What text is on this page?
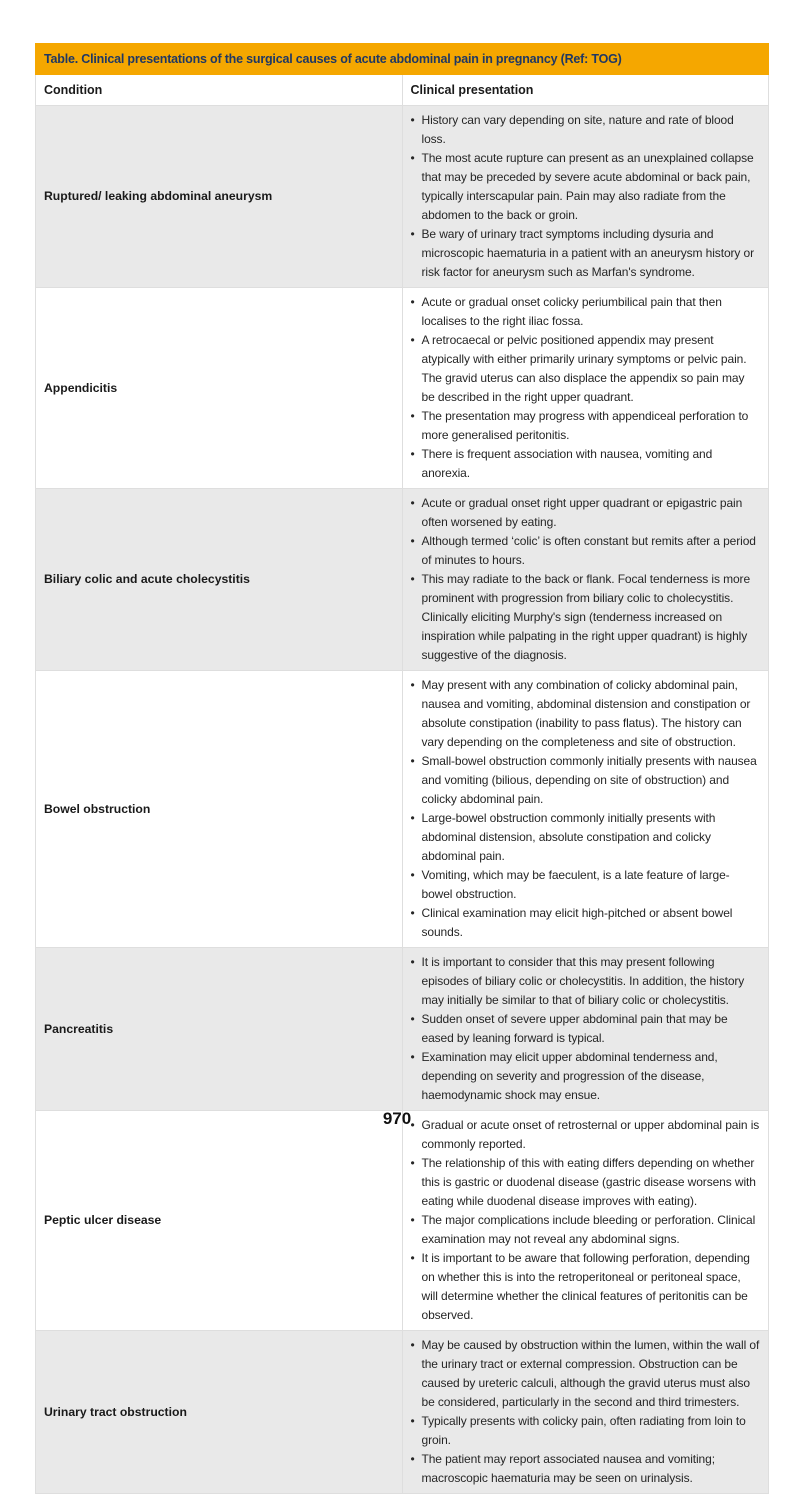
Table. Clinical presentations of the surgical causes of acute abdominal pain in pregnancy (Ref: TOG)	
Condition	Clinical presentation
Ruptured/ leaking abdominal aneurysm	
• History can vary depending on site, nature and rate of blood loss.
• The most acute rupture can present as an unexplained collapse that may be preceded by severe acute abdominal or back pain, typically interscapular pain. Pain may also radiate from the abdomen to the back or groin.
• Be wary of urinary tract symptoms including dysuria and microscopic haematuria in a patient with an aneurysm history or risk factor for aneurysm such as Marfan's syndrome.

Appendicitis	
• Acute or gradual onset colicky periumbilical pain that then localises to the right iliac fossa.
• A retrocaecal or pelvic positioned appendix may present atypically with either primarily urinary symptoms or pelvic pain. The gravid uterus can also displace the appendix so pain may be described in the right upper quadrant.
• The presentation may progress with appendiceal perforation to more generalised peritonitis.
• There is frequent association with nausea, vomiting and anorexia.

Biliary colic and acute cholecystitis	
• Acute or gradual onset right upper quadrant or epigastric pain often worsened by eating.
• Although termed ‘colic’ is often constant but remits after a period of minutes to hours.
• This may radiate to the back or flank. Focal tenderness is more prominent with progression from biliary colic to cholecystitis. Clinically eliciting Murphy's sign (tenderness increased on inspiration while palpating in the right upper quadrant) is highly suggestive of the diagnosis.

Bowel obstruction	
• May present with any combination of colicky abdominal pain, nausea and vomiting, abdominal distension and constipation or absolute constipation (inability to pass flatus). The history can vary depending on the completeness and site of obstruction.
• Small-bowel obstruction commonly initially presents with nausea and vomiting (bilious, depending on site of obstruction) and colicky abdominal pain.
• Large-bowel obstruction commonly initially presents with abdominal distension, absolute constipation and colicky abdominal pain.
• Vomiting, which may be faeculent, is a late feature of large-bowel obstruction.
• Clinical examination may elicit high-pitched or absent bowel sounds.

Pancreatitis	
• It is important to consider that this may present following episodes of biliary colic or cholecystitis. In addition, the history may initially be similar to that of biliary colic or cholecystitis.
• Sudden onset of severe upper abdominal pain that may be eased by leaning forward is typical.
• Examination may elicit upper abdominal tenderness and, depending on severity and progression of the disease, haemodynamic shock may ensue.

Peptic ulcer disease	
• Gradual or acute onset of retrosternal or upper abdominal pain is commonly reported.
• The relationship of this with eating differs depending on whether this is gastric or duodenal disease (gastric disease worsens with eating while duodenal disease improves with eating).
• The major complications include bleeding or perforation. Clinical examination may not reveal any abdominal signs.
• It is important to be aware that following perforation, depending on whether this is into the retroperitoneal or peritoneal space, will determine whether the clinical features of peritonitis can be observed.

Urinary tract obstruction	
• May be caused by obstruction within the lumen, within the wall of the urinary tract or external compression. Obstruction can be caused by ureteric calculi, although the gravid uterus must also be considered, particularly in the second and third trimesters.
• Typically presents with colicky pain, often radiating from loin to groin.
• The patient may report associated nausea and vomiting; macroscopic haematuria may be seen on urinalysis.
970
